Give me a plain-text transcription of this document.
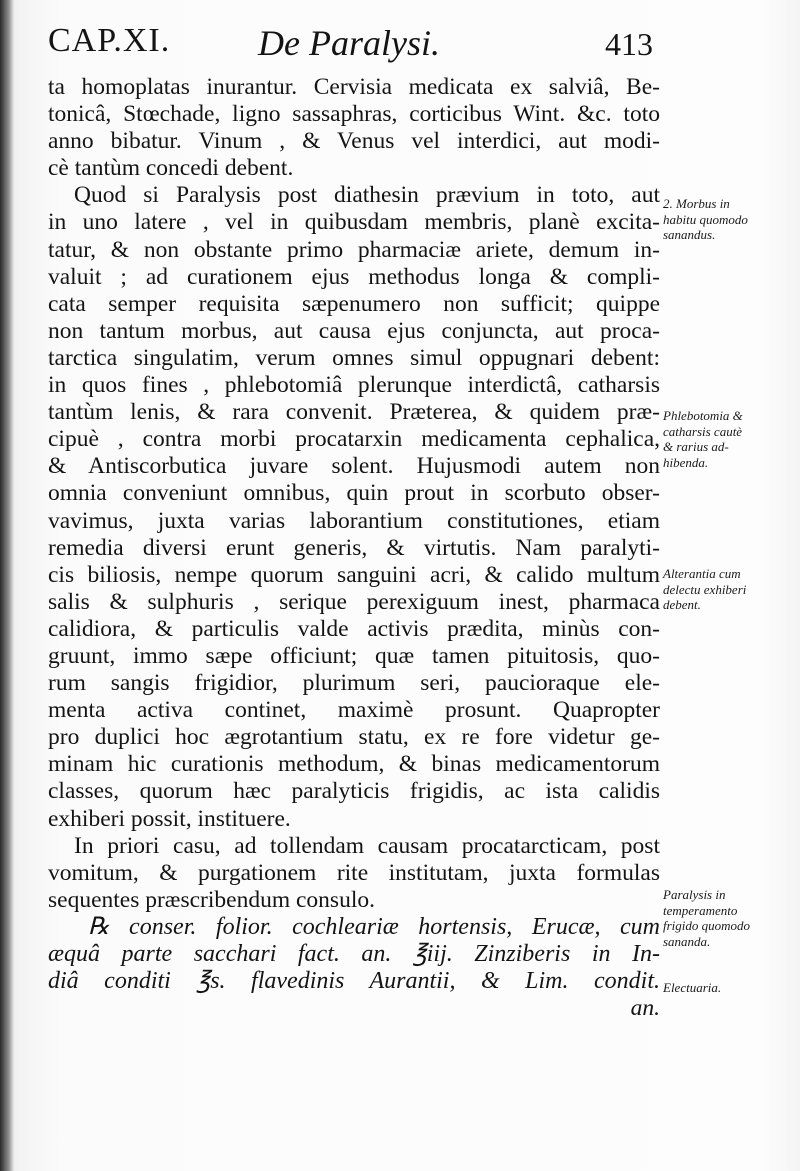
CAP.XI. De Paralysi.	413
ta homoplatas inurantur. Cervisia medicata ex salviâ, Be-
tonicâ, Stœchade, ligno sassaphras, corticibus Wint. &c. toto
anno bibatur. Vinum , & Venus vel interdici, aut modi-
cè tantùm concedi debent.
Quod si Paralysis post diathesin prævium in toto, aut
in uno latere , vel in quibusdam membris, planè excita-
tatur, & non obstante primo pharmaciæ ariete, demum in-
valuit ; ad curationem ejus methodus longa & compli-
cata semper requisita sæpenumero non sufficit; quippe
non tantum morbus, aut causa ejus conjuncta, aut proca-
tarctica singulatim, verum omnes simul oppugnari debent:
in quos fines , phlebotomiâ plerunque interdictâ, catharsis
tantùm lenis, & rara convenit. Præterea, & quidem præ-
cipuè , contra morbi procatarxin medicamenta cephalica,
& Antiscorbutica juvare solent. Hujusmodi autem non
omnia conveniunt omnibus, quin prout in scorbuto obser-
vavimus, juxta varias laborantium constitutiones, etiam
remedia diversi erunt generis, & virtutis. Nam paralyti-
cis biliosis, nempe quorum sanguini acri, & calido multum
salis & sulphuris , serique perexiguum inest, pharmaca
calidiora, & particulis valde activis prædita, minùs con-
gruunt, immo sæpe officiunt; quæ tamen pituitosis, quo-
rum sangis frigidior, plurimum seri, paucioraque ele-
menta activa continet, maximè prosunt. Quapropter
pro duplici hoc ægrotantium statu, ex re fore videtur ge-
minam hic curationis methodum, & binas medicamentorum
classes, quorum hæc paralyticis frigidis, ac ista calidis
exhiberi possit, instituere.
In priori casu, ad tollendam causam procatarcticam, post
vomitum, & purgationem rite institutam, juxta formulas
sequentes præscribendum consulo.
℞ conser. folior. cochleariæ hortensis, Erucæ, cum
æquâ parte sacchari fact. an. ℥iij. Zinziberis in In-
diâ conditi ℥s. flavedinis Aurantii, & Lim. condit.
an.
2. Morbus in
habitu quomodo
sanandus.
Phlebotomia &
catharsis cautè
& rarius ad-
hibenda.
Alterantia cum
delectu exhiberi
debent.
Paralysis in
temperamento
frigido quomodo
sananda.
Electuaria.
